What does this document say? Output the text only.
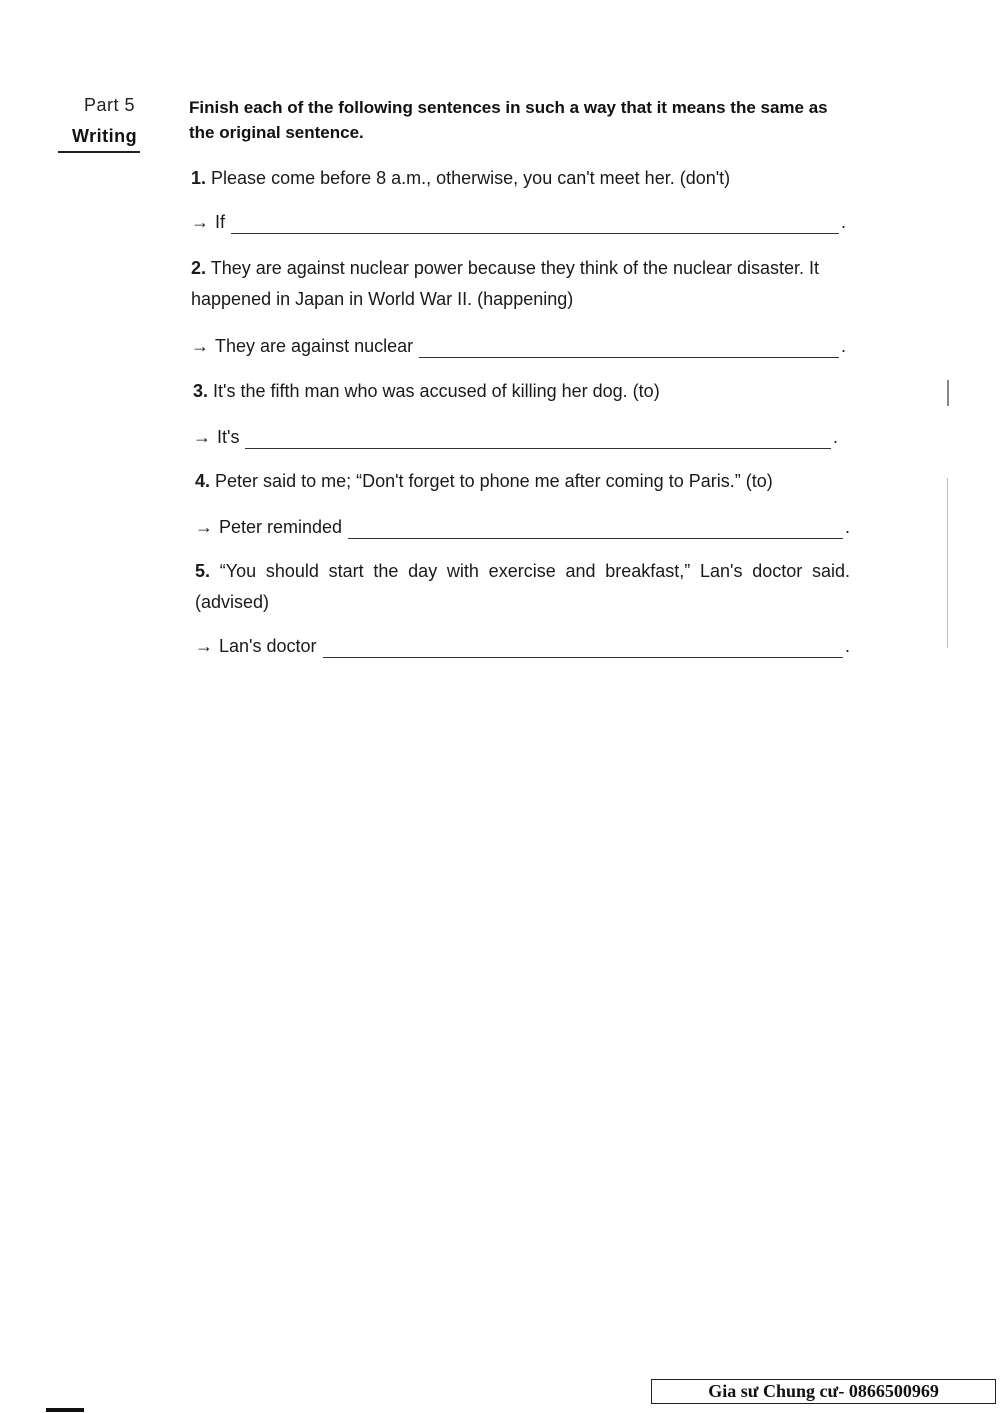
Part 5
Writing
Finish each of the following sentences in such a way that it means the same as the original sentence.
1. Please come before 8 a.m., otherwise, you can't meet her. (don't)
→ If	.
2. They are against nuclear power because they think of the nuclear disaster. It happened in Japan in World War II. (happening)
→ They are against nuclear	.
3. It's the fifth man who was accused of killing her dog. (to)
→ It's	.
4. Peter said to me; “Don't forget to phone me after coming to Paris.” (to)
→ Peter reminded	.
5. “You should start the day with exercise and breakfast,” Lan's doctor said. (advised)
→ Lan's doctor	.
Gia sư Chung cư- 0866500969
